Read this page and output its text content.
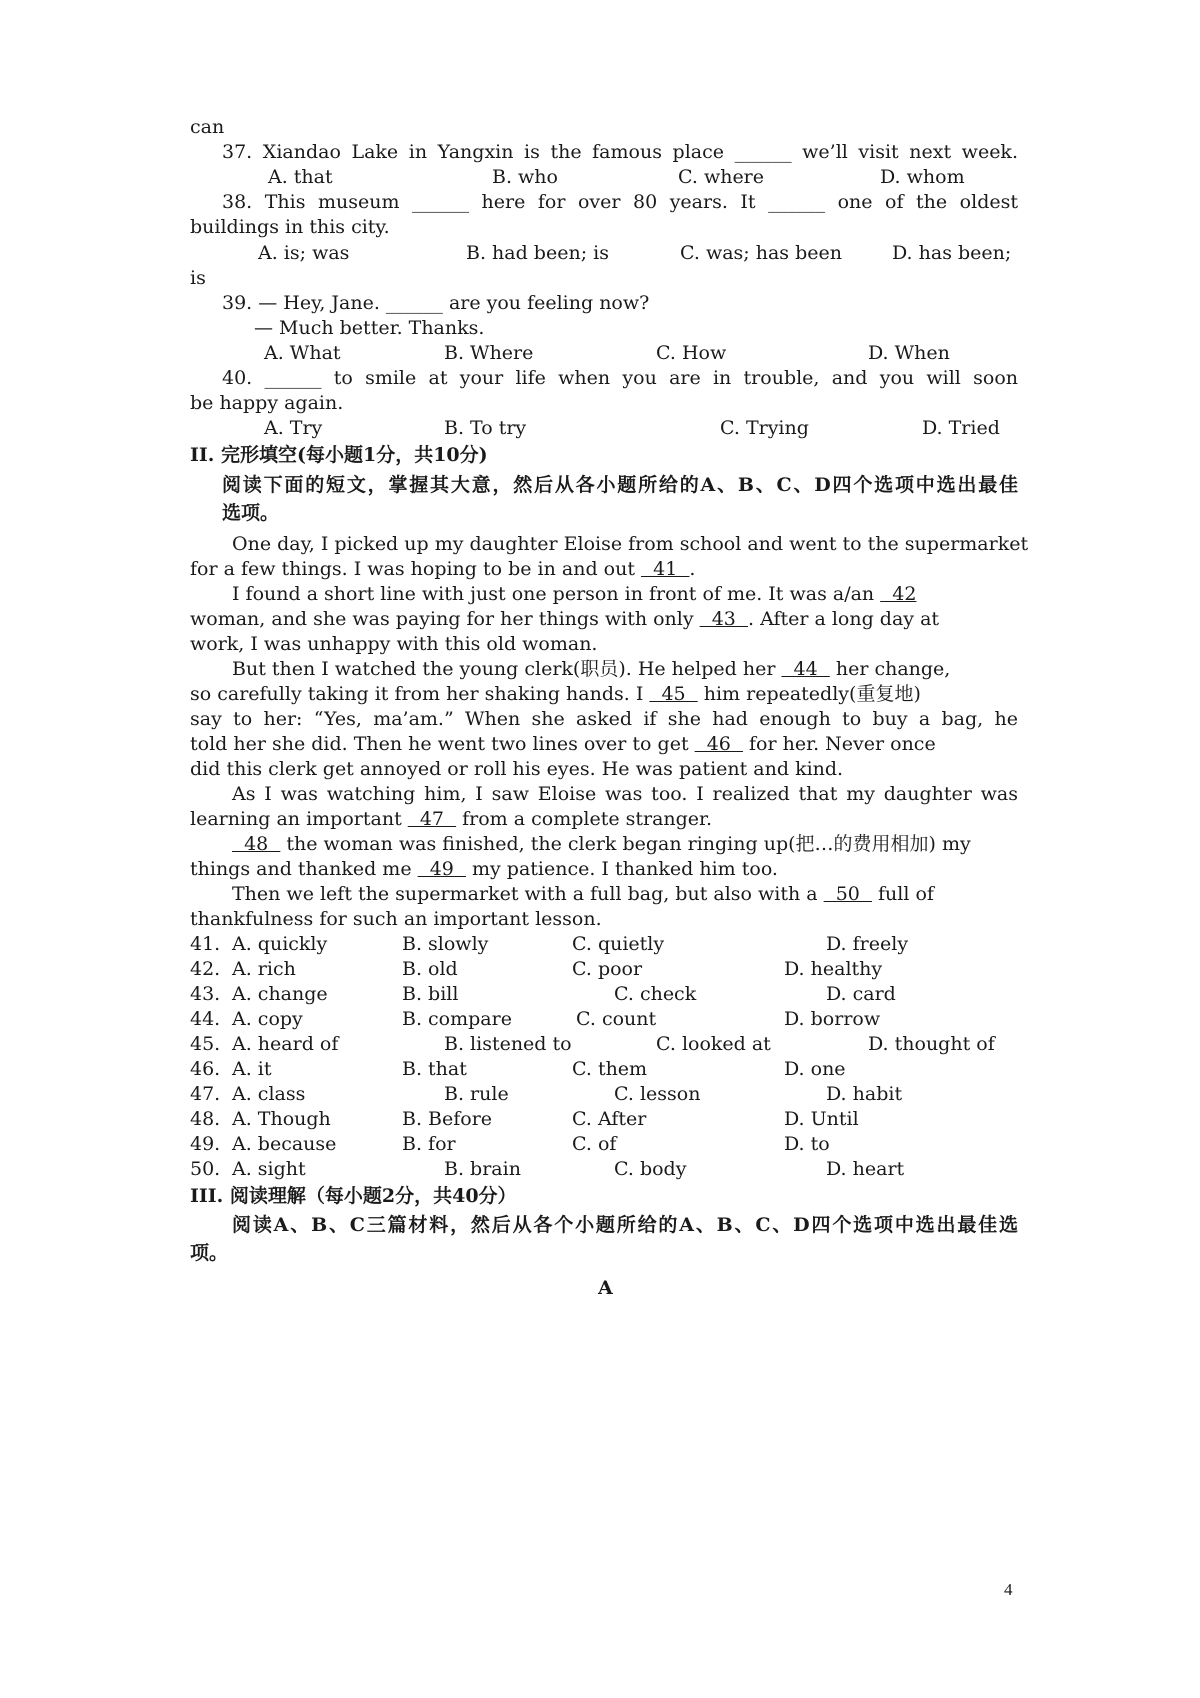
can
37. Xiandao Lake in Yangxin is the famous place ______ we’ll visit next week.
A. that	B. who	C. where	D. whom
38. This museum ______ here for over 80 years. It ______ one of the oldest
buildings in this city.
A. is; was	B. had been; is	C. was; has been	D. has been;
is
39. — Hey, Jane. ______ are you feeling now?
— Much better. Thanks.
A. What	B. Where	C. How	D. When
40. ______ to smile at your life when you are in trouble, and you will soon
be happy again.
A. Try	B. To try	C. Trying	D. Tried
II. 完形填空(每小题1分，共10分)
阅读下面的短文，掌握其大意，然后从各小题所给的A、B、C、D四个选项中选出最佳
选项。
One day, I picked up my daughter Eloise from school and went to the supermarket
for a few things. I was hoping to be in and out   41  .
I found a short line with just one person in front of me. It was a/an   42
woman, and she was paying for her things with only   43  . After a long day at
work, I was unhappy with this old woman.
But then I watched the young clerk(职员). He helped her   44   her change,
so carefully taking it from her shaking hands. I   45   him repeatedly(重复地)
say to her: “Yes, ma’am.” When she asked if she had enough to buy a bag, he
told her she did. Then he went two lines over to get   46   for her. Never once
did this clerk get annoyed or roll his eyes. He was patient and kind.
As I was watching him, I saw Eloise was too. I realized that my daughter was
learning an important   47   from a complete stranger.
48   the woman was finished, the clerk began ringing up(把…的费用相加) my
things and thanked me   49   my patience. I thanked him too.
Then we left the supermarket with a full bag, but also with a   50   full of
thankfulness for such an important lesson.
41. A. quickly	B. slowly	C. quietly	D. freely
42. A. rich	B. old	C. poor	D. healthy
43. A. change	B. bill	C. check	D. card
44. A. copy	B. compare	C. count	D. borrow
45. A. heard of	B. listened to	C. looked at	D. thought of
46. A. it	B. that	C. them	D. one
47. A. class	B. rule	C. lesson	D. habit
48. A. Though	B. Before	C. After	D. Until
49. A. because	B. for	C. of	D. to
50. A. sight	B. brain	C. body	D. heart
III. 阅读理解（每小题2分，共40分）
阅读A、B、C三篇材料，然后从各个小题所给的A、B、C、D四个选项中选出最佳选
项。
A
4
